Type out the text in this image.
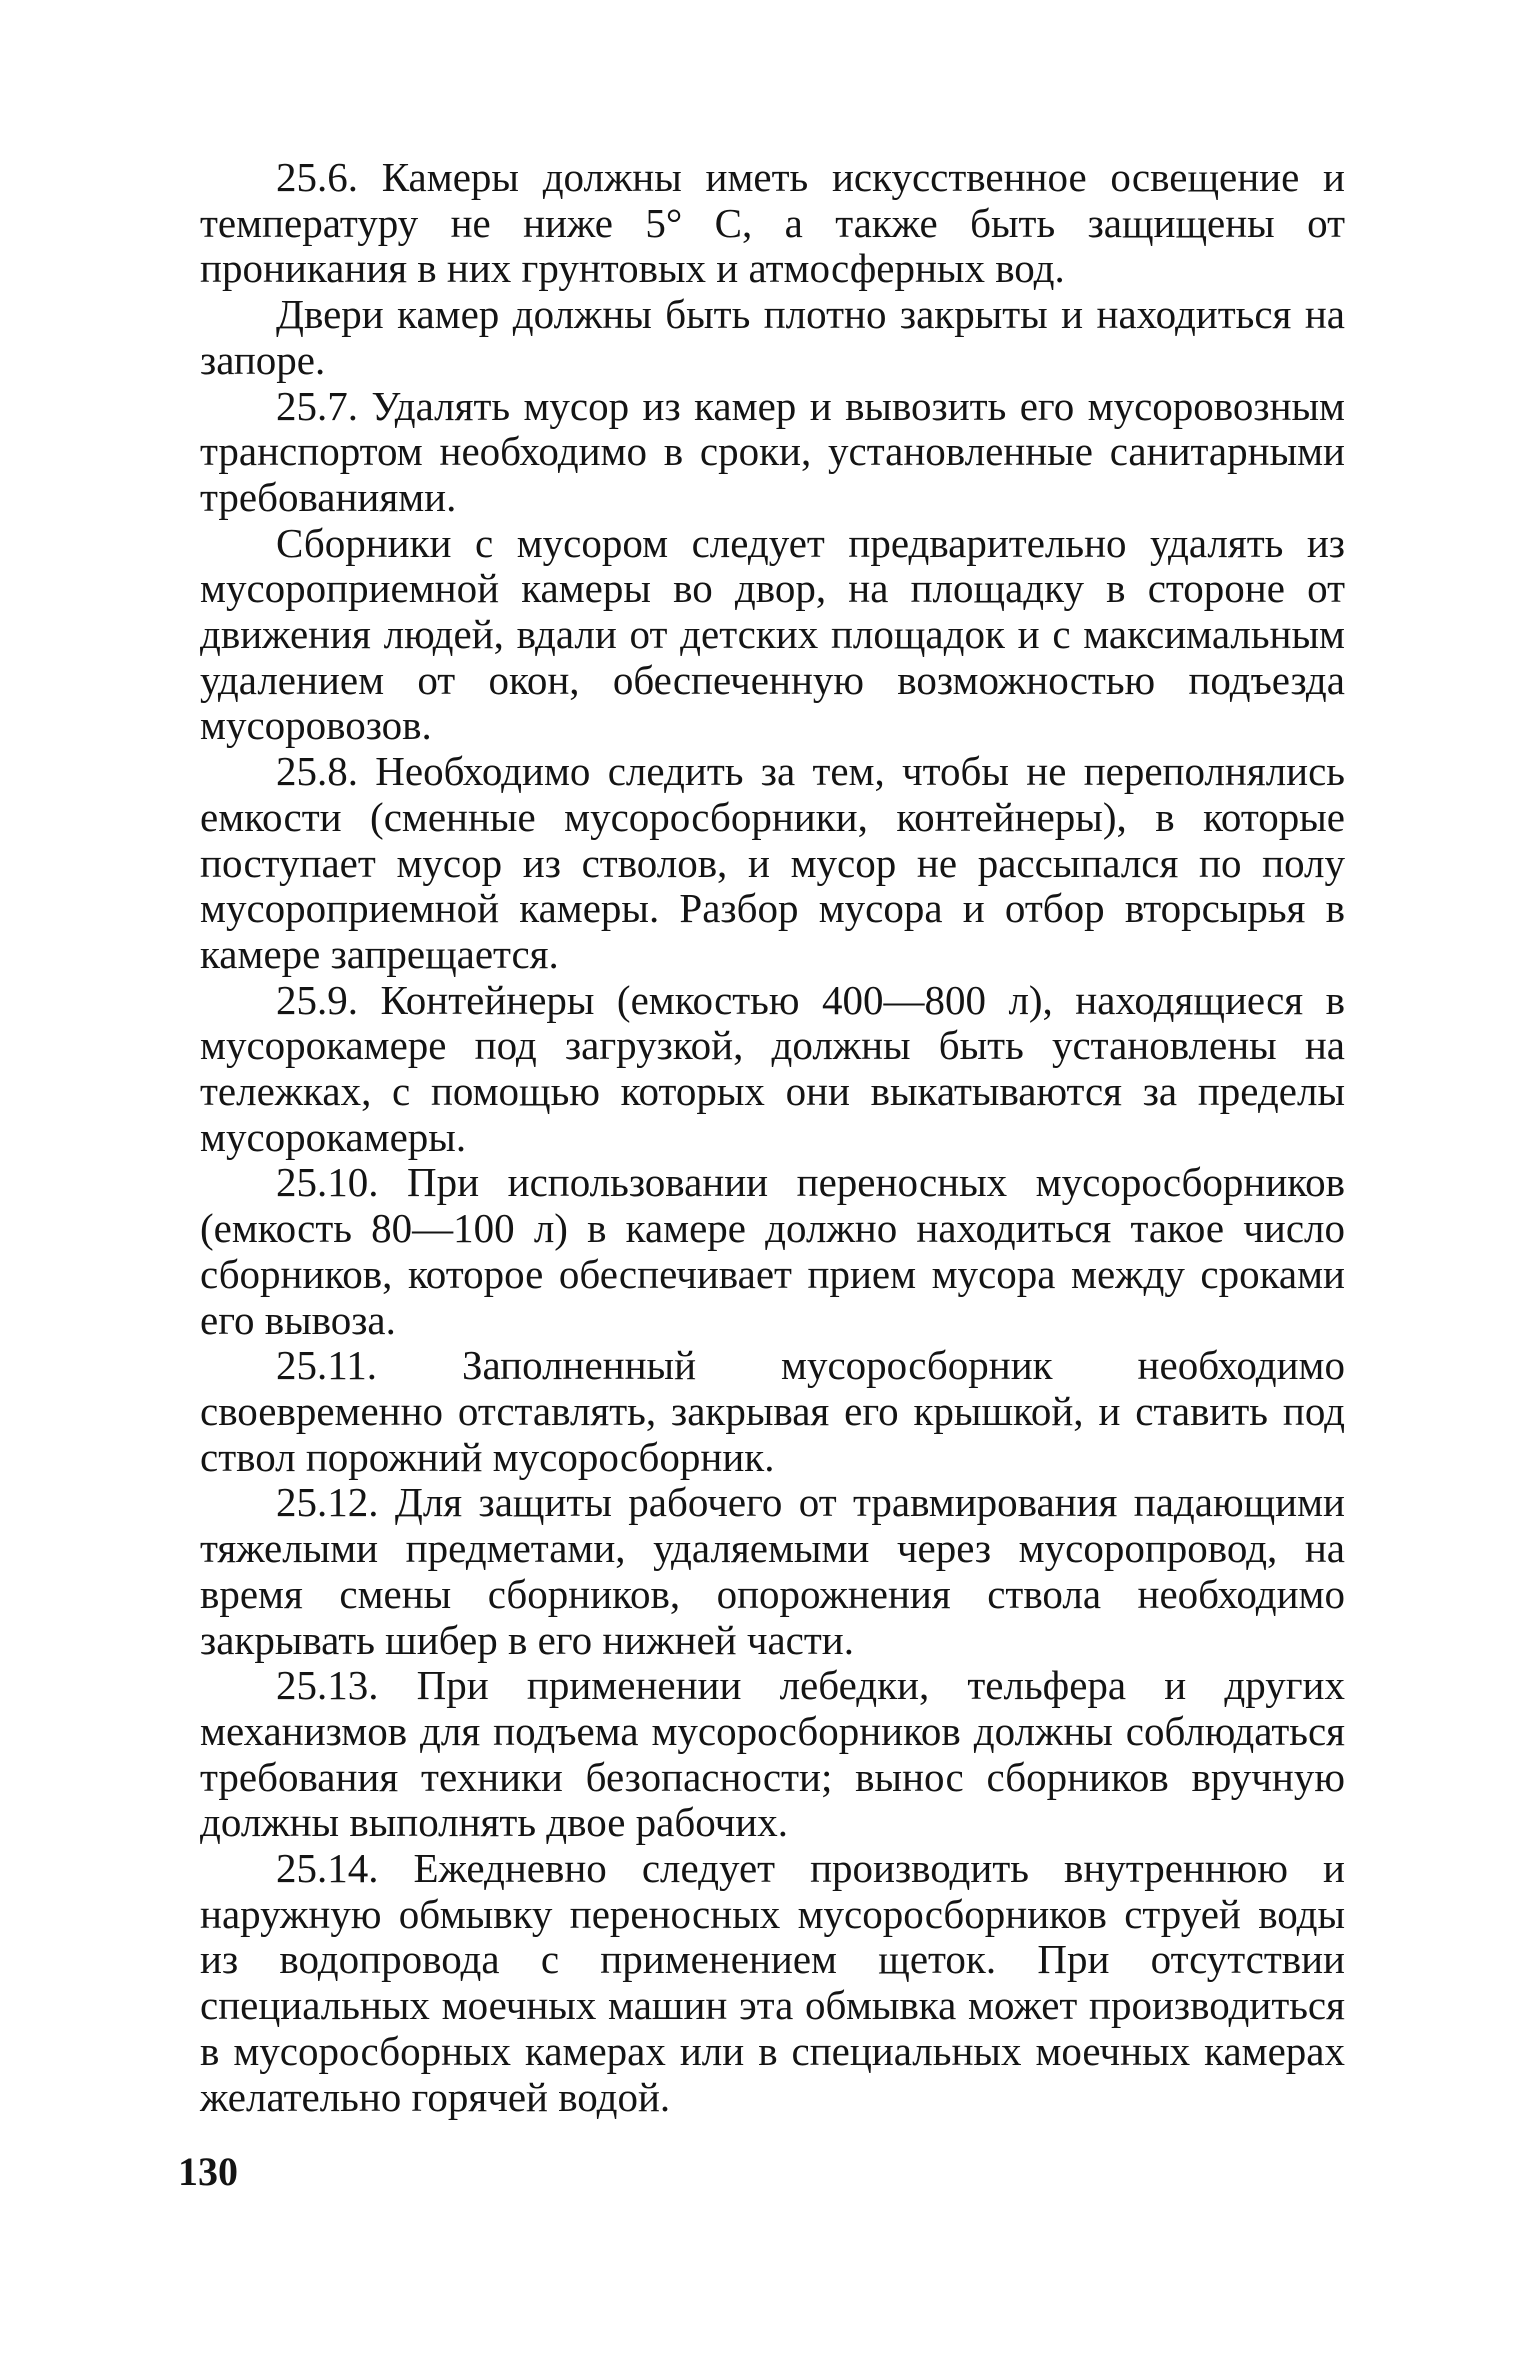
25.6. Камеры должны иметь искусственное освещение и температуру не ниже 5° С, а также быть защищены от проникания в них грунтовых и атмосферных вод.

Двери камер должны быть плотно закрыты и находиться на запоре.

25.7. Удалять мусор из камер и вывозить его мусоровозным транспортом необходимо в сроки, установленные санитарными требованиями.

Сборники с мусором следует предварительно удалять из мусороприемной камеры во двор, на площадку в стороне от движения людей, вдали от детских площадок и с максимальным удалением от окон, обеспеченную возможностью подъезда мусоровозов.

25.8. Необходимо следить за тем, чтобы не переполнялись емкости (сменные мусоросборники, контейнеры), в которые поступает мусор из стволов, и мусор не рассыпался по полу мусороприемной камеры. Разбор мусора и отбор вторсырья в камере запрещается.

25.9. Контейнеры (емкостью 400—800 л), находящиеся в мусорокамере под загрузкой, должны быть установлены на тележках, с помощью которых они выкатываются за пределы мусорокамеры.

25.10. При использовании переносных мусоросборников (емкость 80—100 л) в камере должно находиться такое число сборников, которое обеспечивает прием мусора между сроками его вывоза.

25.11. Заполненный мусоросборник необходимо своевременно отставлять, закрывая его крышкой, и ставить под ствол порожний мусоросборник.

25.12. Для защиты рабочего от травмирования падающими тяжелыми предметами, удаляемыми через мусоропровод, на время смены сборников, опорожнения ствола необходимо закрывать шибер в его нижней части.

25.13. При применении лебедки, тельфера и других механизмов для подъема мусоросборников должны соблюдаться требования техники безопасности; вынос сборников вручную должны выполнять двое рабочих.

25.14. Ежедневно следует производить внутреннюю и наружную обмывку переносных мусоросборников струей воды из водопровода с применением щеток. При отсутствии специальных моечных машин эта обмывка может производиться в мусоросборных камерах или в специальных моечных камерах желательно горячей водой.

130
